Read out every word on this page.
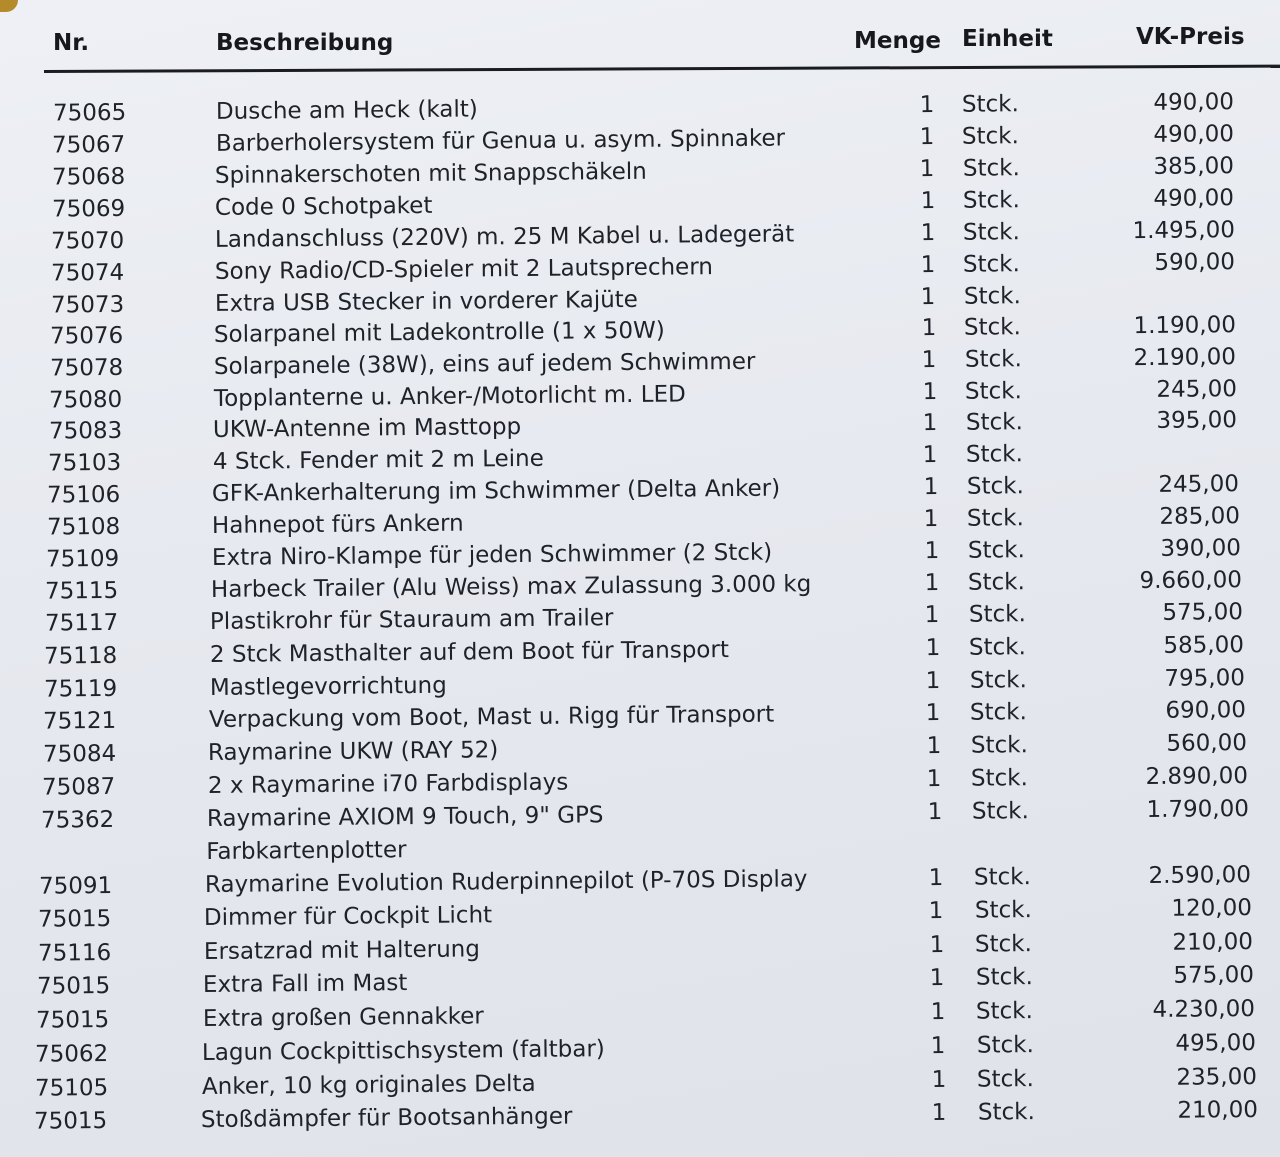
Nr.	Beschreibung	Menge Einheit	VK-Preis
75065	Dusche am Heck (kalt)	1 Stck.	490,00
75067	Barberholersystem für Genua u. asym. Spinnaker	1 Stck.	490,00
75068	Spinnakerschoten mit Snappschäkeln	1 Stck.	385,00
75069	Code 0 Schotpaket	1 Stck.	490,00
75070	Landanschluss (220V) m. 25 M Kabel u. Ladegerät	1 Stck.	1.495,00
75074	Sony Radio/CD-Spieler mit 2 Lautsprechern	1 Stck.	590,00
75073	Extra USB Stecker in vorderer Kajüte	1 Stck.
75076	Solarpanel mit Ladekontrolle (1 x 50W)	1 Stck.	1.190,00
75078	Solarpanele (38W), eins auf jedem Schwimmer	1 Stck.	2.190,00
75080	Topplanterne u. Anker-/Motorlicht m. LED	1 Stck.	245,00
75083	UKW-Antenne im Masttopp	1 Stck.	395,00
75103	4 Stck. Fender mit 2 m Leine	1 Stck.
75106	GFK-Ankerhalterung im Schwimmer (Delta Anker)	1 Stck.	245,00
75108	Hahnepot fürs Ankern	1 Stck.	285,00
75109	Extra Niro-Klampe für jeden Schwimmer (2 Stck)	1 Stck.	390,00
75115	Harbeck Trailer (Alu Weiss) max Zulassung 3.000 kg	1 Stck.	9.660,00
75117	Plastikrohr für Stauraum am Trailer	1 Stck.	575,00
75118	2 Stck Masthalter auf dem Boot für Transport	1 Stck.	585,00
75119	Mastlegevorrichtung	1 Stck.	795,00
75121	Verpackung vom Boot, Mast u. Rigg für Transport	1 Stck.	690,00
75084	Raymarine UKW (RAY 52)	1 Stck.	560,00
75087	2 x Raymarine i70 Farbdisplays	1 Stck.	2.890,00
75362	Raymarine AXIOM 9 Touch, 9" GPS	1 Stck.	1.790,00
Farbkartenplotter
75091	Raymarine Evolution Ruderpinnepilot (P-70S Display	1 Stck.	2.590,00
75015	Dimmer für Cockpit Licht	1 Stck.	120,00
75116	Ersatzrad mit Halterung	1 Stck.	210,00
75015	Extra Fall im Mast	1 Stck.	575,00
75015	Extra großen Gennakker	1 Stck.	4.230,00
75062	Lagun Cockpittischsystem (faltbar)	1 Stck.	495,00
75105	Anker, 10 kg originales Delta	1 Stck.	235,00
75015	Stoßdämpfer für Bootsanhänger	1 Stck.	210,00
